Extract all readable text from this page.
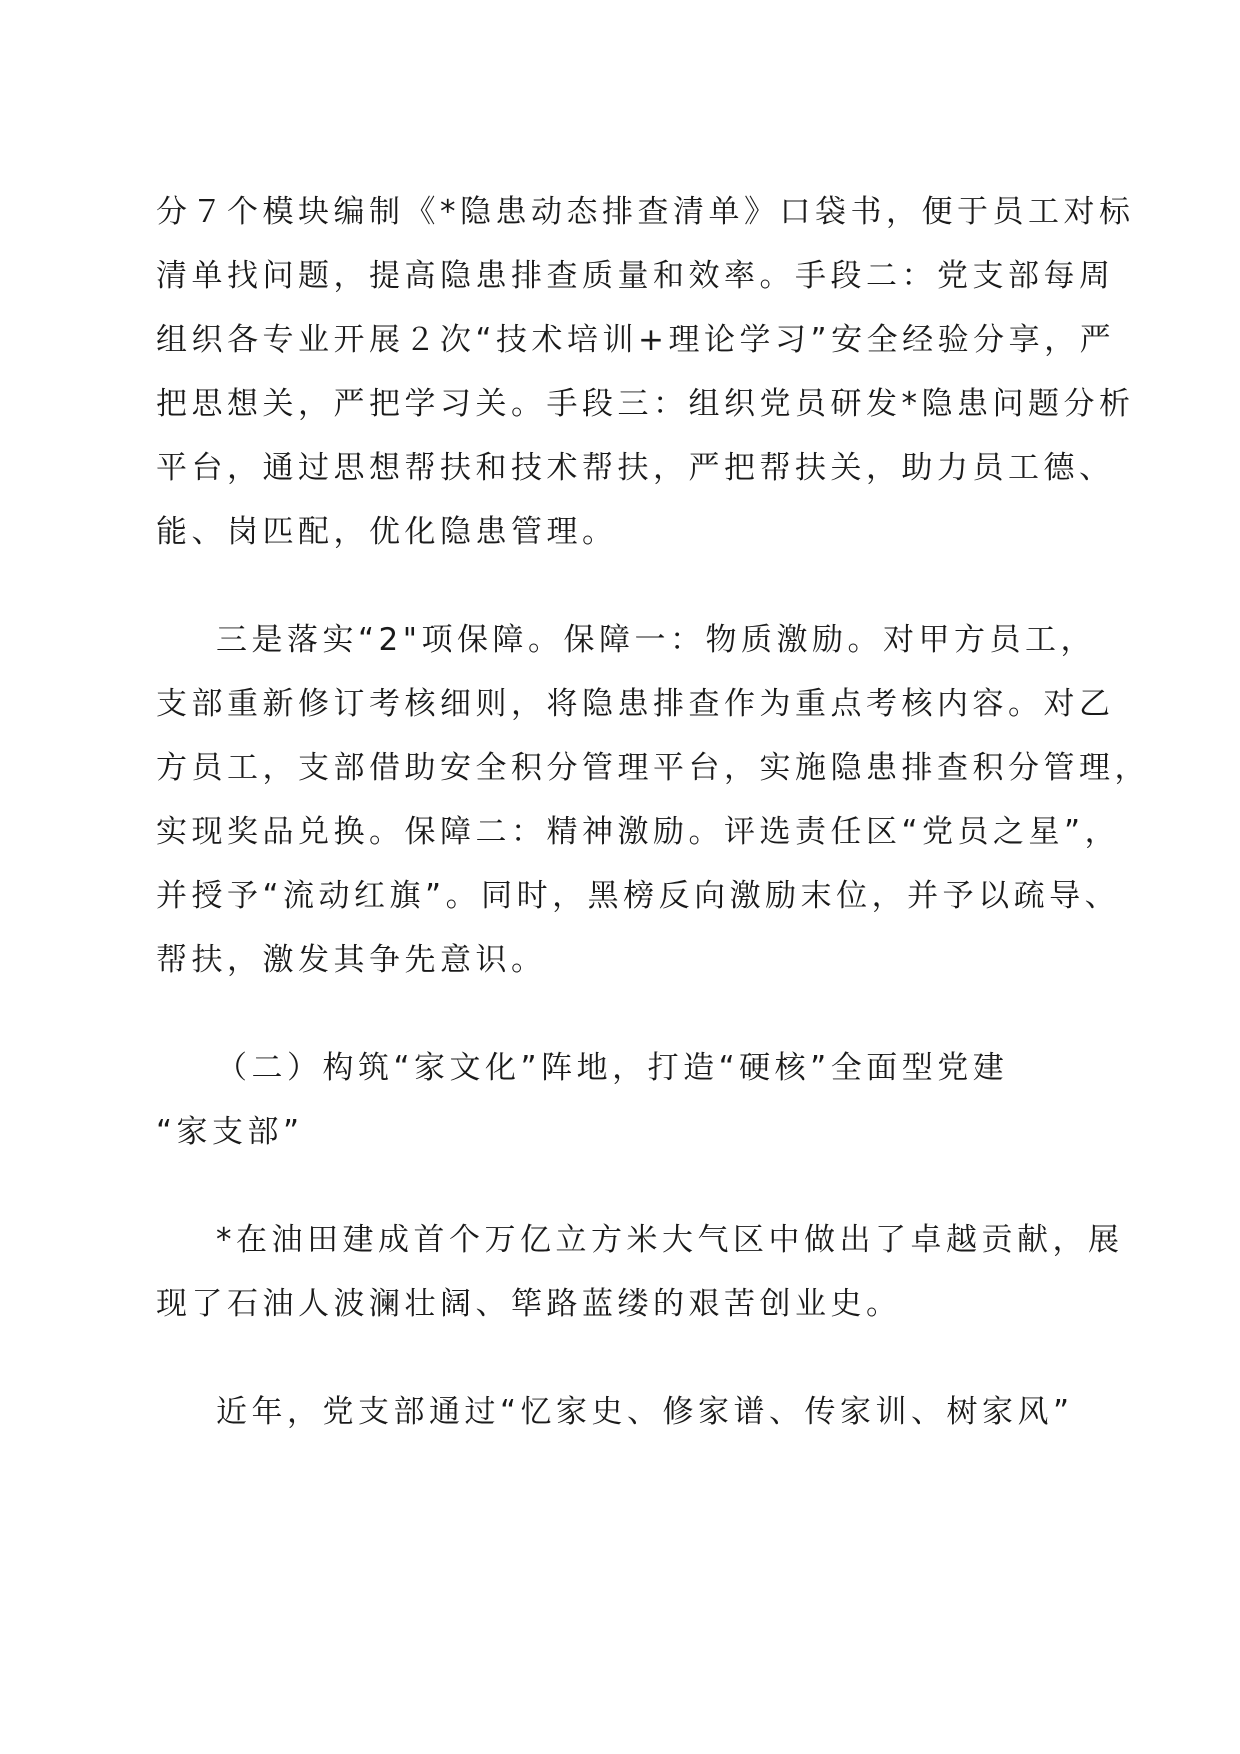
分７个模块编制《*隐患动态排查清单》口袋书，便于员工对标
清单找问题，提高隐患排查质量和效率。手段二：党支部每周
组织各专业开展２次“技术培训+理论学习”安全经验分享，严
把思想关，严把学习关。手段三：组织党员研发*隐患问题分析
平台，通过思想帮扶和技术帮扶，严把帮扶关，助力员工德、
能、岗匹配，优化隐患管理。
三是落实“2"项保障。保障一：物质激励。对甲方员工，
支部重新修订考核细则，将隐患排查作为重点考核内容。对乙
方员工，支部借助安全积分管理平台，实施隐患排查积分管理，
实现奖品兑换。保障二：精神激励。评选责任区“党员之星”，
并授予“流动红旗”。同时，黑榜反向激励末位，并予以疏导、
帮扶，激发其争先意识。
（二）构筑“家文化”阵地，打造“硬核”全面型党建
“家支部”
*在油田建成首个万亿立方米大气区中做出了卓越贡献，展
现了石油人波澜壮阔、筚路蓝缕的艰苦创业史。
近年，党支部通过“忆家史、修家谱、传家训、树家风”
